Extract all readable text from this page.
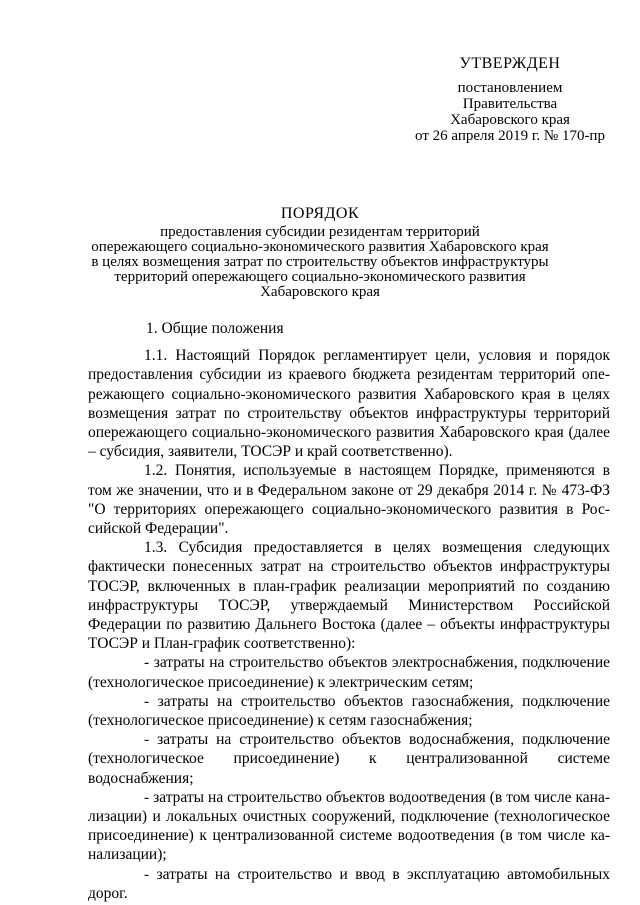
УТВЕРЖДЕН
постановлением
Правительства
Хабаровского края
от 26 апреля 2019 г. № 170-пр
ПОРЯДОК
предоставления субсидии резидентам территорий
опережающего социально-экономического развития Хабаровского края
в целях возмещения затрат по строительству объектов инфраструктуры
территорий опережающего социально-экономического развития
Хабаровского края
1. Общие положения

1.1. Настоящий Порядок регламентирует цели, условия и порядок предоставления субсидии из краевого бюджета резидентам территорий опережающего социально-экономического развития Хабаровского края в целях возмещения затрат по строительству объектов инфраструктуры территорий опережающего социально-экономического развития Хабаровского края (далее – субсидия, заявители, ТОСЭР и край соответственно).

1.2. Понятия, используемые в настоящем Порядке, применяются в том же значении, что и в Федеральном законе от 29 декабря 2014 г. № 473-ФЗ "О территориях опережающего социально-экономического развития в Российской Федерации".

1.3. Субсидия предоставляется в целях возмещения следующих фактически понесенных затрат на строительство объектов инфраструктуры ТОСЭР, включенных в план-график реализации мероприятий по созданию инфраструктуры ТОСЭР, утверждаемый Министерством Российской Федерации по развитию Дальнего Востока (далее – объекты инфраструктуры ТОСЭР и План-график соответственно):

- затраты на строительство объектов электроснабжения, подключение (технологическое присоединение) к электрическим сетям;

- затраты на строительство объектов газоснабжения, подключение (технологическое присоединение) к сетям газоснабжения;

- затраты на строительство объектов водоснабжения, подключение (технологическое присоединение) к централизованной системе водоснабжения;

- затраты на строительство объектов водоотведения (в том числе канализации) и локальных очистных сооружений, подключение (технологическое присоединение) к централизованной системе водоотведения (в том числе канализации);

- затраты на строительство и ввод в эксплуатацию автомобильных дорог.
